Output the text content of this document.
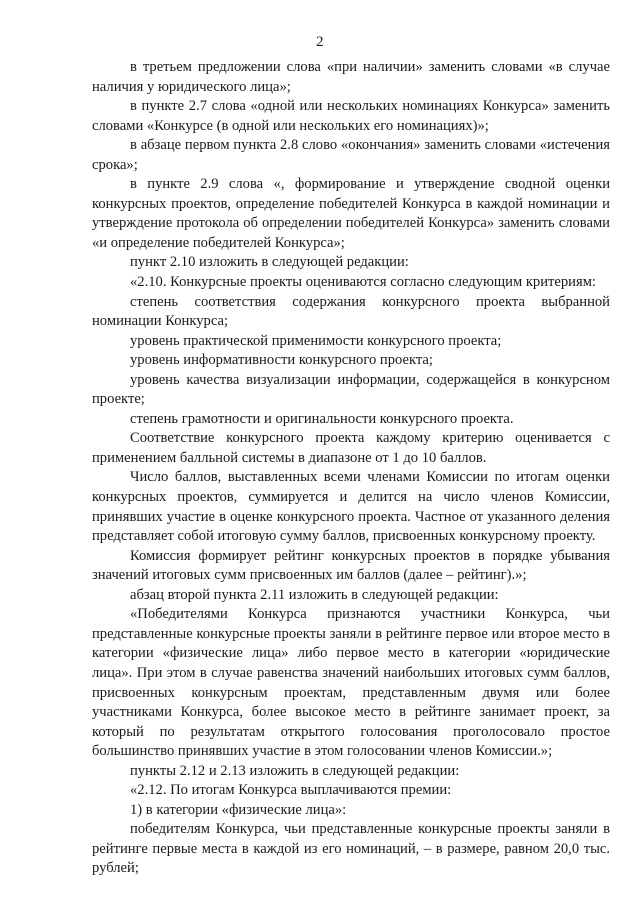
2

в третьем предложении слова «при наличии» заменить словами «в случае наличия у юридического лица»;

в пункте 2.7 слова «одной или нескольких номинациях Конкурса» заменить словами «Конкурсе (в одной или нескольких его номинациях)»;

в абзаце первом пункта 2.8 слово «окончания» заменить словами «истечения срока»;

в пункте 2.9 слова «, формирование и утверждение сводной оценки конкурсных проектов, определение победителей Конкурса в каждой номинации и утверждение протокола об определении победителей Конкурса» заменить словами «и определение победителей Конкурса»;

пункт 2.10 изложить в следующей редакции:

«2.10. Конкурсные проекты оцениваются согласно следующим критериям:

степень соответствия содержания конкурсного проекта выбранной номинации Конкурса;

уровень практической применимости конкурсного проекта;

уровень информативности конкурсного проекта;

уровень качества визуализации информации, содержащейся в конкурсном проекте;

степень грамотности и оригинальности конкурсного проекта.

Соответствие конкурсного проекта каждому критерию оценивается с применением балльной системы в диапазоне от 1 до 10 баллов.

Число баллов, выставленных всеми членами Комиссии по итогам оценки конкурсных проектов, суммируется и делится на число членов Комиссии, принявших участие в оценке конкурсного проекта. Частное от указанного деления представляет собой итоговую сумму баллов, присвоенных конкурсному проекту.

Комиссия формирует рейтинг конкурсных проектов в порядке убывания значений итоговых сумм присвоенных им баллов (далее – рейтинг).»;

абзац второй пункта 2.11 изложить в следующей редакции:

«Победителями Конкурса признаются участники Конкурса, чьи представленные конкурсные проекты заняли в рейтинге первое или второе место в категории «физические лица» либо первое место в категории «юридические лица». При этом в случае равенства значений наибольших итоговых сумм баллов, присвоенных конкурсным проектам, представленным двумя или более участниками Конкурса, более высокое место в рейтинге занимает проект, за который по результатам открытого голосования проголосовало простое большинство принявших участие в этом голосовании членов Комиссии.»;

пункты 2.12 и 2.13 изложить в следующей редакции:

«2.12. По итогам Конкурса выплачиваются премии:

1) в категории «физические лица»:

победителям Конкурса, чьи представленные конкурсные проекты заняли в рейтинге первые места в каждой из его номинаций, – в размере, равном 20,0 тыс. рублей;
